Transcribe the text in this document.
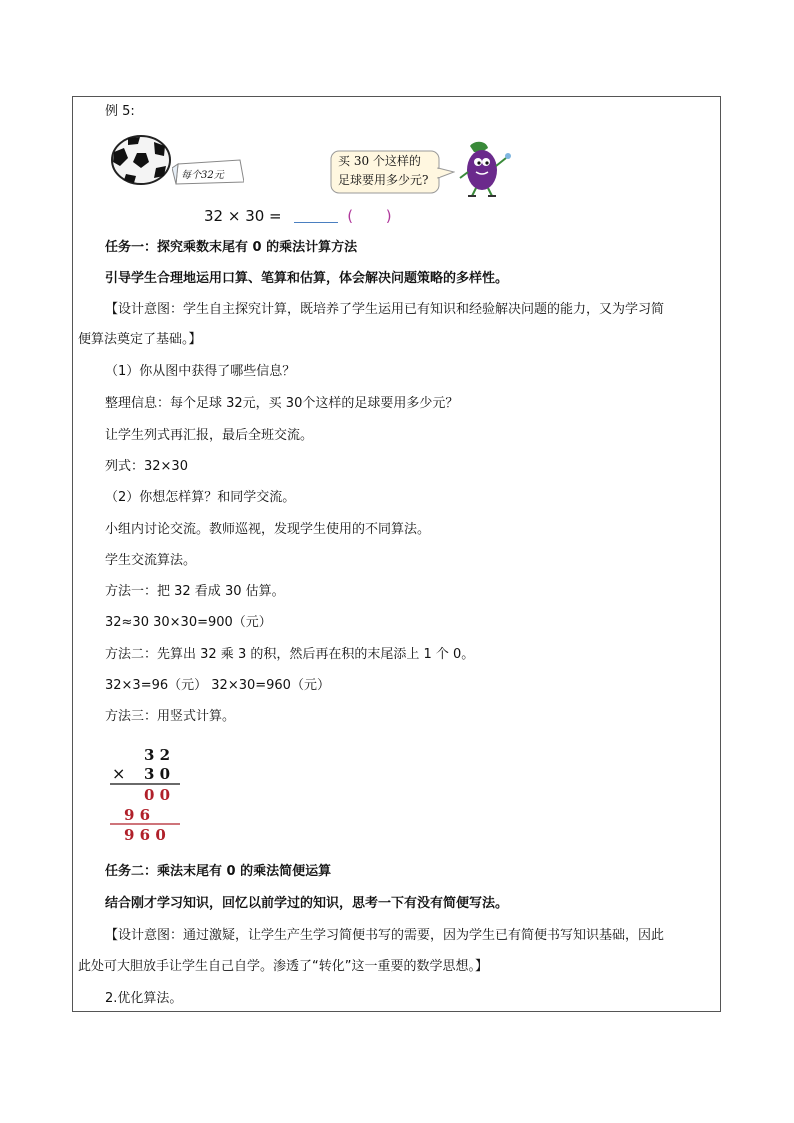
例 5:
每个32元
买 30 个这样的
足球要用多少元?
32 × 30 =	( )
任务一：探究乘数末尾有 0 的乘法计算方法
引导学生合理地运用口算、笔算和估算，体会解决问题策略的多样性。
【设计意图：学生自主探究计算，既培养了学生运用已有知识和经验解决问题的能力，又为学习简
便算法奠定了基础。】
（1）你从图中获得了哪些信息？
整理信息：每个足球 32元，买 30个这样的足球要用多少元？
让学生列式再汇报，最后全班交流。
列式：32×30
（2）你想怎样算？和同学交流。
小组内讨论交流。教师巡视，发现学生使用的不同算法。
学生交流算法。
方法一：把 32 看成 30 估算。
32≈30 30×30=900（元）
方法二：先算出 32 乘 3 的积，然后再在积的末尾添上 1 个 0。
32×3=96（元） 32×30=960（元）
方法三：用竖式计算。
3 2
× 3 0
0 0
9 6
9 6 0
任务二：乘法末尾有 0 的乘法简便运算
结合刚才学习知识，回忆以前学过的知识，思考一下有没有简便写法。
【设计意图：通过激疑，让学生产生学习简便书写的需要，因为学生已有简便书写知识基础，因此
此处可大胆放手让学生自己自学。渗透了“转化”这一重要的数学思想。】
2.优化算法。
